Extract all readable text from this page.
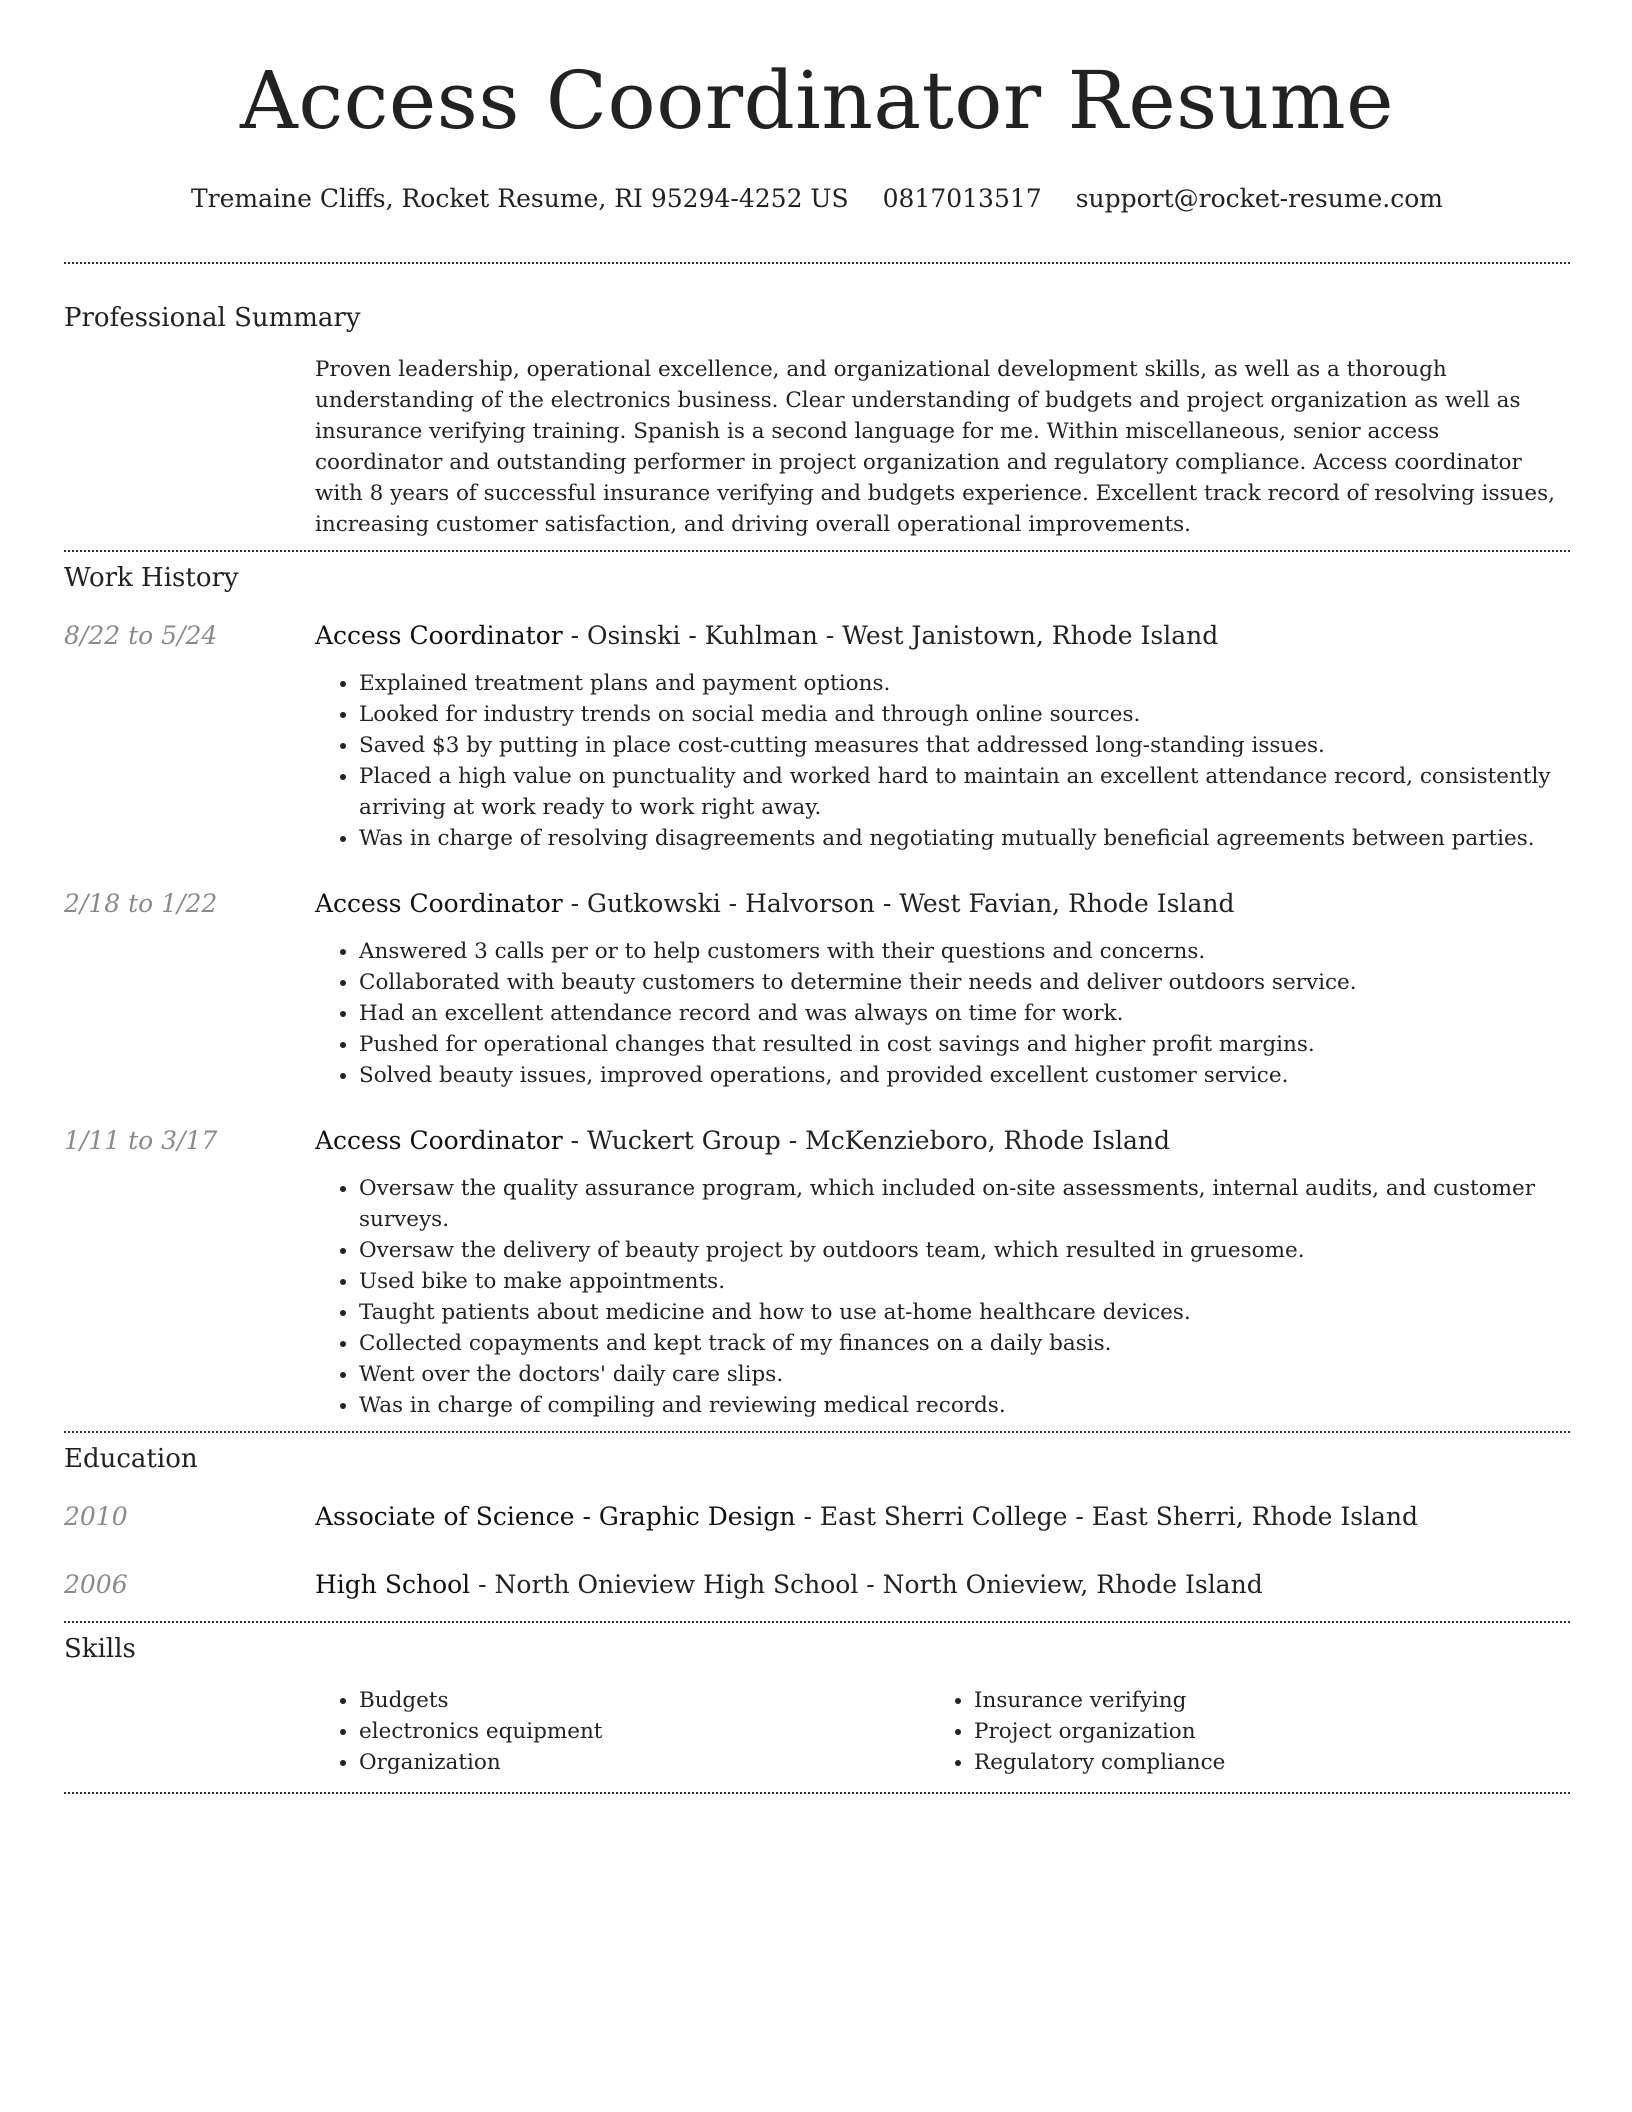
Access Coordinator Resume
Tremaine Cliffs, Rocket Resume, RI 95294-4252 US 0817013517 support@rocket-resume.com
Professional Summary

Proven leadership, operational excellence, and organizational development skills, as well as a thorough understanding of the electronics business. Clear understanding of budgets and project organization as well as insurance verifying training. Spanish is a second language for me. Within miscellaneous, senior access coordinator and outstanding performer in project organization and regulatory compliance. Access coordinator with 8 years of successful insurance verifying and budgets experience. Excellent track record of resolving issues, increasing customer satisfaction, and driving overall operational improvements.

Work History
8/22 to 5/24	Access Coordinator - Osinski - Kuhlman - West Janistown, Rhode Island
• Explained treatment plans and payment options.
• Looked for industry trends on social media and through online sources.
• Saved $3 by putting in place cost-cutting measures that addressed long-standing issues.
• Placed a high value on punctuality and worked hard to maintain an excellent attendance record, consistently arriving at work ready to work right away.
• Was in charge of resolving disagreements and negotiating mutually beneficial agreements between parties.
2/18 to 1/22	Access Coordinator - Gutkowski - Halvorson - West Favian, Rhode Island
• Answered 3 calls per or to help customers with their questions and concerns.
• Collaborated with beauty customers to determine their needs and deliver outdoors service.
• Had an excellent attendance record and was always on time for work.
• Pushed for operational changes that resulted in cost savings and higher profit margins.
• Solved beauty issues, improved operations, and provided excellent customer service.
1/11 to 3/17	Access Coordinator - Wuckert Group - McKenzieboro, Rhode Island
• Oversaw the quality assurance program, which included on-site assessments, internal audits, and customer surveys.
• Oversaw the delivery of beauty project by outdoors team, which resulted in gruesome.
• Used bike to make appointments.
• Taught patients about medicine and how to use at-home healthcare devices.
• Collected copayments and kept track of my finances on a daily basis.
• Went over the doctors' daily care slips.
• Was in charge of compiling and reviewing medical records.
Education
2010	Associate of Science - Graphic Design - East Sherri College - East Sherri, Rhode Island
2006	High School - North Onieview High School - North Onieview, Rhode Island
Skills
• Budgets
• electronics equipment
• Organization
• Insurance verifying
• Project organization
• Regulatory compliance
